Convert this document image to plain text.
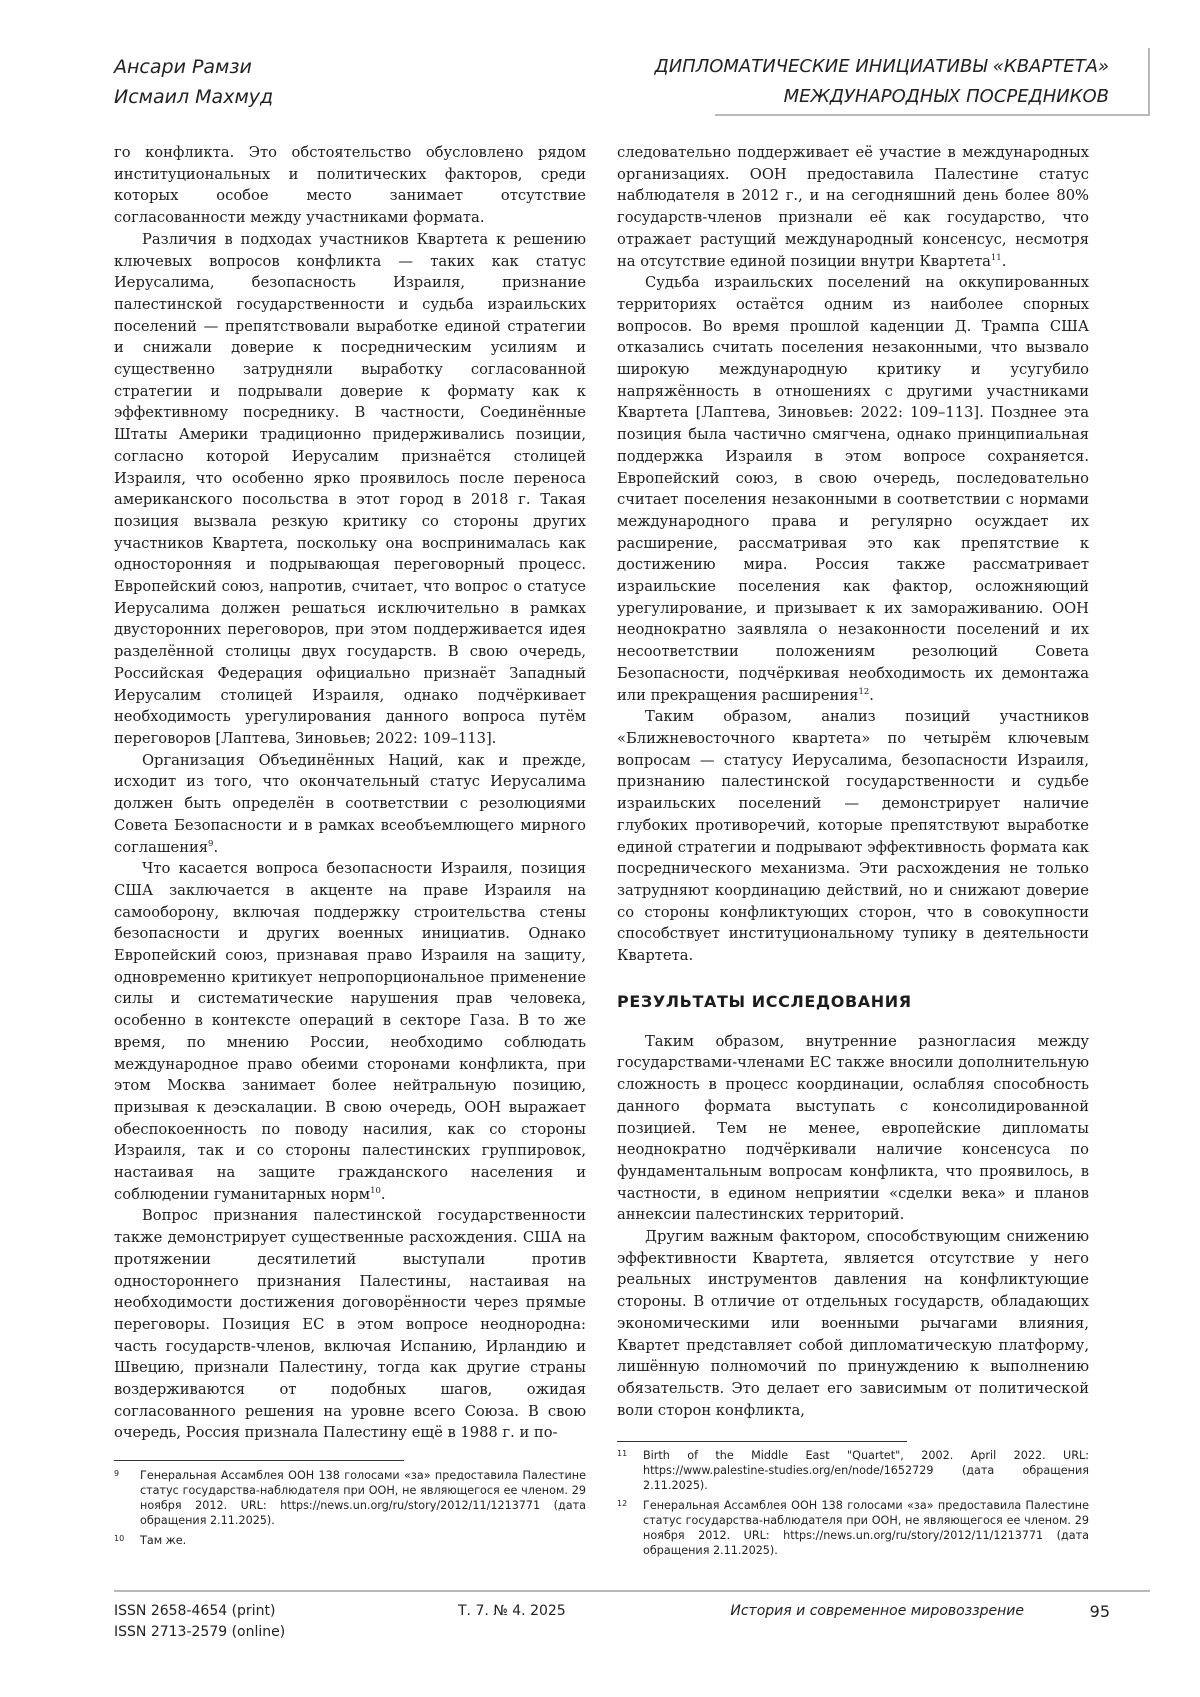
Ансари Рамзи
Исмаил Махмуд
ДИПЛОМАТИЧЕСКИЕ ИНИЦИАТИВЫ «КВАРТЕТА»
МЕЖДУНАРОДНЫХ ПОСРЕДНИКОВ

го конфликта. Это обстоятельство обусловлено рядом институциональных и политических факторов, среди которых особое место занимает отсутствие согласованности между участниками формата.

Различия в подходах участников Квартета к решению ключевых вопросов конфликта — таких как статус Иерусалима, безопасность Израиля, признание палестинской государственности и судьба израильских поселений — препятствовали выработке единой стратегии и снижали доверие к посредническим усилиям и существенно затрудняли выработку согласованной стратегии и подрывали доверие к формату как к эффективному посреднику. В частности, Соединённые Штаты Америки традиционно придерживались позиции, согласно которой Иерусалим признаётся столицей Израиля, что особенно ярко проявилось после переноса американского посольства в этот город в 2018 г. Такая позиция вызвала резкую критику со стороны других участников Квартета, поскольку она воспринималась как односторонняя и подрывающая переговорный процесс. Европейский союз, напротив, считает, что вопрос о статусе Иерусалима должен решаться исключительно в рамках двусторонних переговоров, при этом поддерживается идея разделённой столицы двух государств. В свою очередь, Российская Федерация официально признаёт Западный Иерусалим столицей Израиля, однако подчёркивает необходимость урегулирования данного вопроса путём переговоров [Лаптева, Зиновьев; 2022: 109–113].

Организация Объединённых Наций, как и прежде, исходит из того, что окончательный статус Иерусалима должен быть определён в соответствии с резолюциями Совета Безопасности и в рамках всеобъемлющего мирного соглашения$^9$.

Что касается вопроса безопасности Израиля, позиция США заключается в акценте на праве Израиля на самооборону, включая поддержку строительства стены безопасности и других военных инициатив. Однако Европейский союз, признавая право Израиля на защиту, одновременно критикует непропорциональное применение силы и систематические нарушения прав человека, особенно в контексте операций в секторе Газа. В то же время, по мнению России, необходимо соблюдать международное право обеими сторонами конфликта, при этом Москва занимает более нейтральную позицию, призывая к деэскалации. В свою очередь, ООН выражает обеспокоенность по поводу насилия, как со стороны Израиля, так и со стороны палестинских группировок, настаивая на защите гражданского населения и соблюдении гуманитарных норм$^{10}$.

Вопрос признания палестинской государственности также демонстрирует существенные расхождения. США на протяжении десятилетий выступали против одностороннего признания Палестины, настаивая на необходимости достижения договорённости через прямые переговоры. Позиция ЕС в этом вопросе неоднородна: часть государств-членов, включая Испанию, Ирландию и Швецию, признали Палестину, тогда как другие страны воздерживаются от подобных шагов, ожидая согласованного решения на уровне всего Союза. В свою очередь, Россия признала Палестину ещё в 1988 г. и по-

следовательно поддерживает её участие в международных организациях. ООН предоставила Палестине статус наблюдателя в 2012 г., и на сегодняшний день более 80% государств-членов признали её как государство, что отражает растущий международный консенсус, несмотря на отсутствие единой позиции внутри Квартета$^{11}$.

Судьба израильских поселений на оккупированных территориях остаётся одним из наиболее спорных вопросов. Во время прошлой каденции Д. Трампа США отказались считать поселения незаконными, что вызвало широкую международную критику и усугубило напряжённость в отношениях с другими участниками Квартета [Лаптева, Зиновьев: 2022: 109–113]. Позднее эта позиция была частично смягчена, однако принципиальная поддержка Израиля в этом вопросе сохраняется. Европейский союз, в свою очередь, последовательно считает поселения незаконными в соответствии с нормами международного права и регулярно осуждает их расширение, рассматривая это как препятствие к достижению мира. Россия также рассматривает израильские поселения как фактор, осложняющий урегулирование, и призывает к их замораживанию. ООН неоднократно заявляла о незаконности поселений и их несоответствии положениям резолюций Совета Безопасности, подчёркивая необходимость их демонтажа или прекращения расширения$^{12}$.

Таким образом, анализ позиций участников «Ближневосточного квартета» по четырём ключевым вопросам — статусу Иерусалима, безопасности Израиля, признанию палестинской государственности и судьбе израильских поселений — демонстрирует наличие глубоких противоречий, которые препятствуют выработке единой стратегии и подрывают эффективность формата как посреднического механизма. Эти расхождения не только затрудняют координацию действий, но и снижают доверие со стороны конфликтующих сторон, что в совокупности способствует институциональному тупику в деятельности Квартета.

РЕЗУЛЬТАТЫ ИССЛЕДОВАНИЯ

Таким образом, внутренние разногласия между государствами-членами ЕС также вносили дополнительную сложность в процесс координации, ослабляя способность данного формата выступать с консолидированной позицией. Тем не менее, европейские дипломаты неоднократно подчёркивали наличие консенсуса по фундаментальным вопросам конфликта, что проявилось, в частности, в едином неприятии «сделки века» и планов аннексии палестинских территорий.

Другим важным фактором, способствующим снижению эффективности Квартета, является отсутствие у него реальных инструментов давления на конфликтующие стороны. В отличие от отдельных государств, обладающих экономическими или военными рычагами влияния, Квартет представляет собой дипломатическую платформу, лишённую полномочий по принуждению к выполнению обязательств. Это делает его зависимым от политической воли сторон конфликта,

9 Генеральная Ассамблея ООН 138 голосами «за» предоставила Палестине статус государства-наблюдателя при ООН, не являющегося ее членом. 29 ноября 2012. URL: https://news.un.org/ru/story/2012/11/1213771 (дата обращения 2.11.2025).
10 Там же.
11 Birth of the Middle East "Quartet", 2002. April 2022. URL: https://www.palestine-studies.org/en/node/1652729 (дата обращения 2.11.2025).
12 Генеральная Ассамблея ООН 138 голосами «за» предоставила Палестине статус государства-наблюдателя при ООН, не являющегося ее членом. 29 ноября 2012. URL: https://news.un.org/ru/story/2012/11/1213771 (дата обращения 2.11.2025).
ISSN 2658-4654 (print)
ISSN 2713-2579 (online)
Т. 7. № 4. 2025	История и современное мировоззрение	95
